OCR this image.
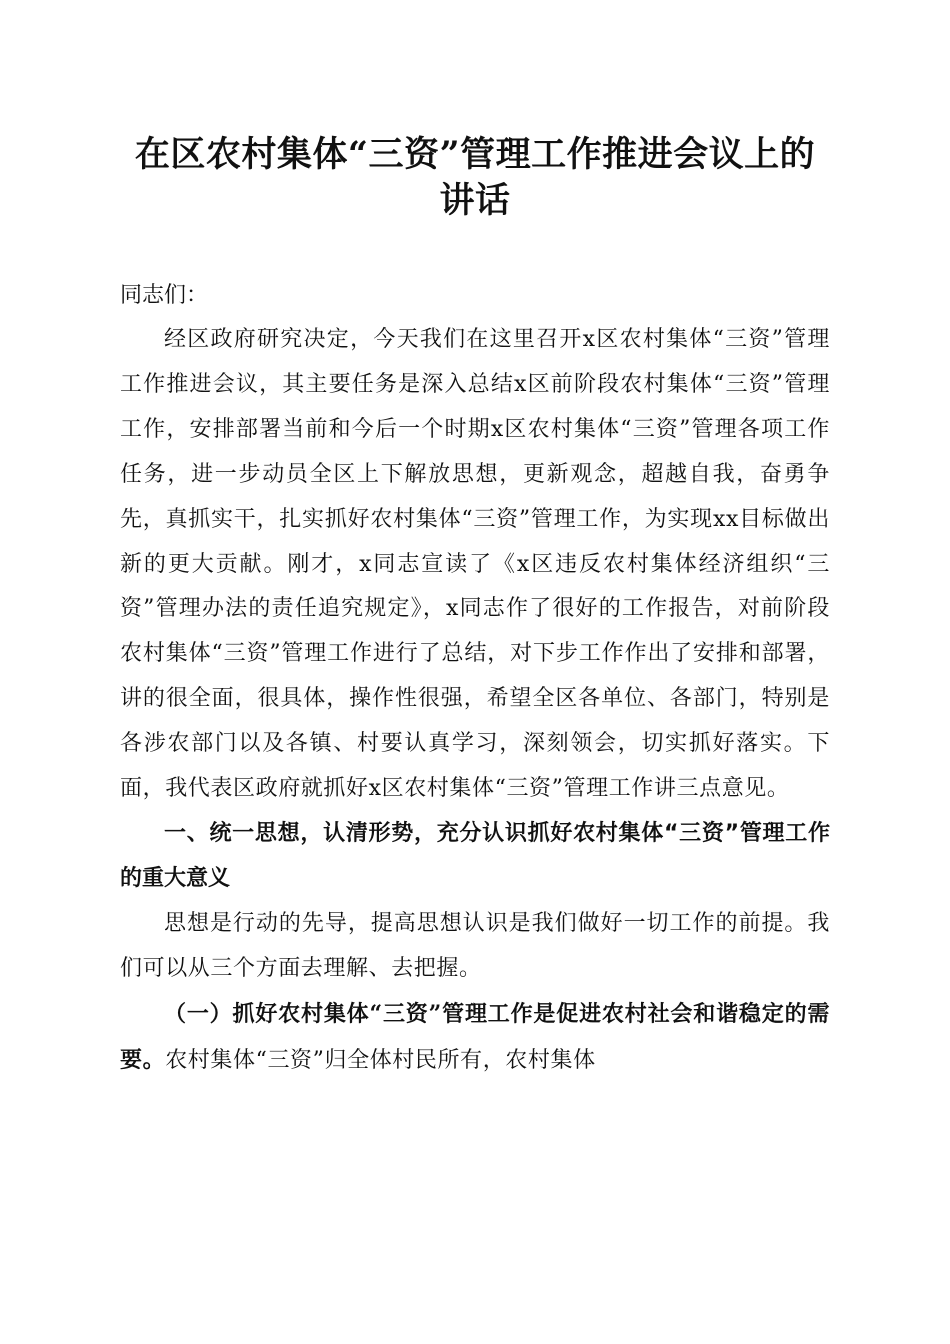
在区农村集体“三资”管理工作推进会议上的讲话

同志们：

经区政府研究决定，今天我们在这里召开x区农村集体“三资”管理工作推进会议，其主要任务是深入总结x区前阶段农村集体“三资”管理工作，安排部署当前和今后一个时期x区农村集体“三资”管理各项工作任务，进一步动员全区上下解放思想，更新观念，超越自我，奋勇争先，真抓实干，扎实抓好农村集体“三资”管理工作，为实现xx目标做出新的更大贡献。刚才，x同志宣读了《x区违反农村集体经济组织“三资”管理办法的责任追究规定》，x同志作了很好的工作报告，对前阶段农村集体“三资”管理工作进行了总结，对下步工作作出了安排和部署，讲的很全面，很具体，操作性很强，希望全区各单位、各部门，特别是各涉农部门以及各镇、村要认真学习，深刻领会，切实抓好落实。下面，我代表区政府就抓好x区农村集体“三资”管理工作讲三点意见。

一、统一思想，认清形势，充分认识抓好农村集体“三资”管理工作的重大意义

思想是行动的先导，提高思想认识是我们做好一切工作的前提。我们可以从三个方面去理解、去把握。

（一）抓好农村集体“三资”管理工作是促进农村社会和谐稳定的需要。农村集体“三资”归全体村民所有，农村集体
